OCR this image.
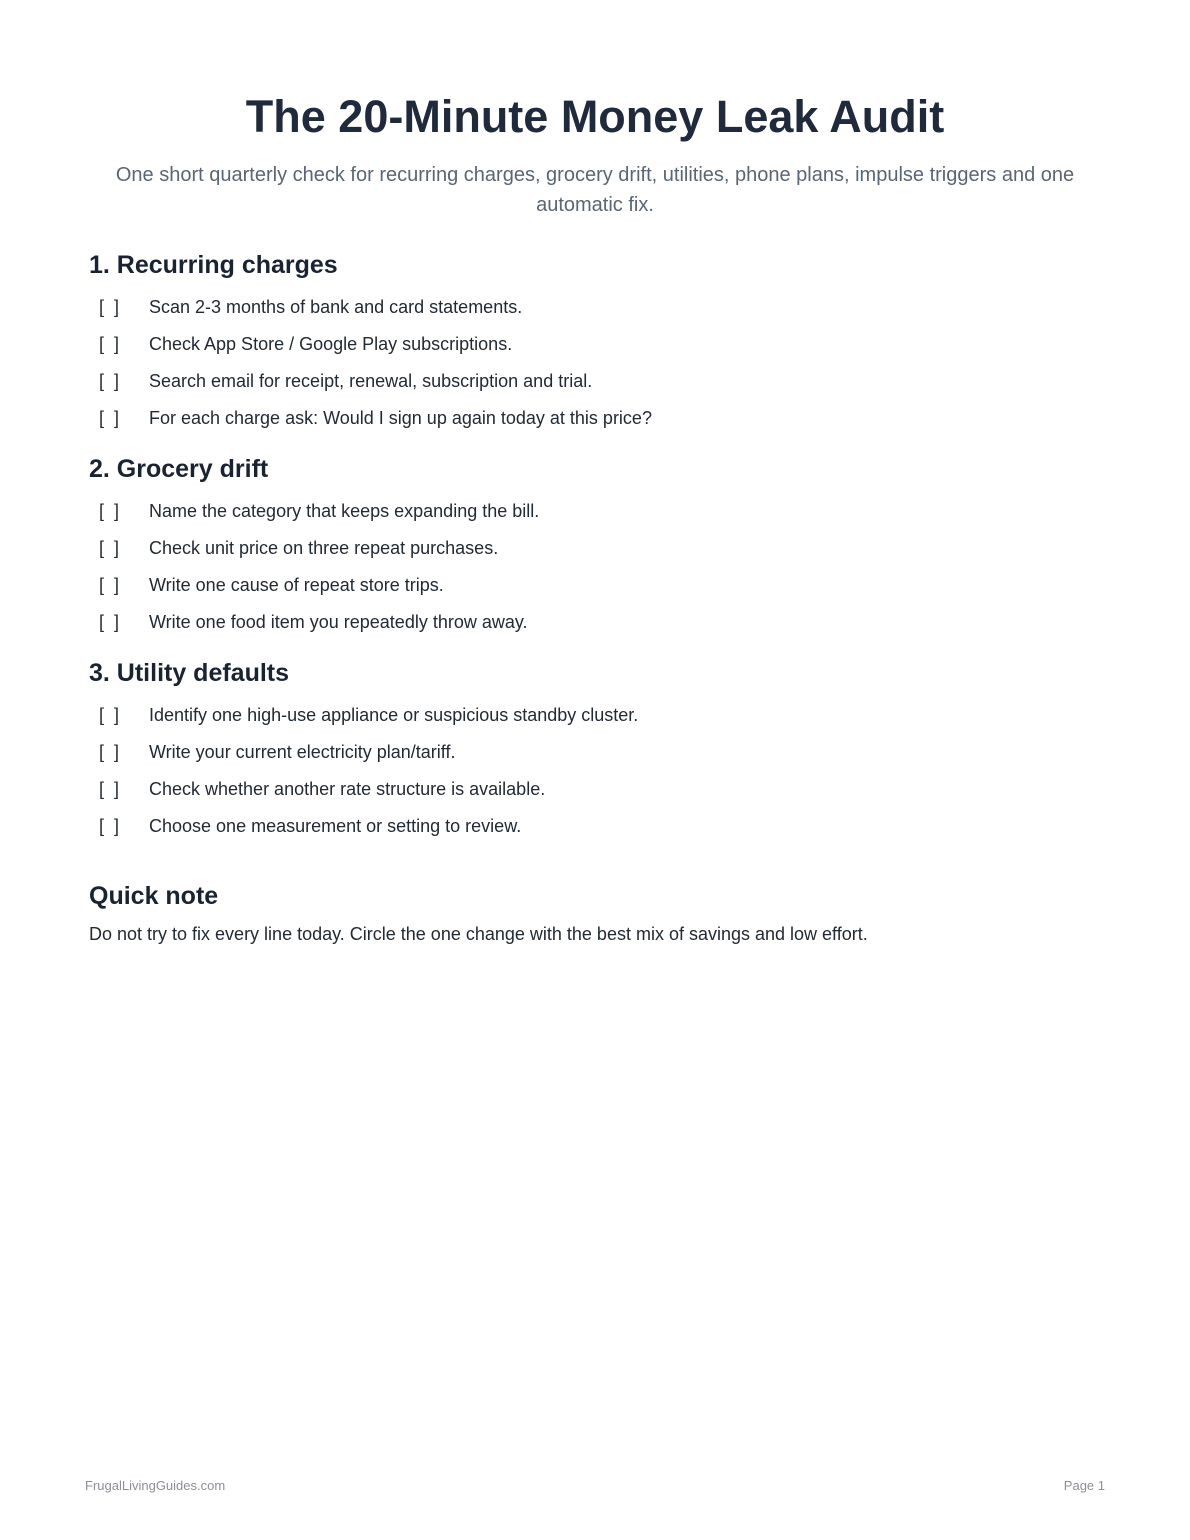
The 20-Minute Money Leak Audit

One short quarterly check for recurring charges, grocery drift, utilities, phone plans, impulse triggers and one automatic fix.

1. Recurring charges
[  ]	Scan 2-3 months of bank and card statements.
[  ]	Check App Store / Google Play subscriptions.
[  ]	Search email for receipt, renewal, subscription and trial.
[  ]	For each charge ask: Would I sign up again today at this price?
2. Grocery drift
[  ]	Name the category that keeps expanding the bill.
[  ]	Check unit price on three repeat purchases.
[  ]	Write one cause of repeat store trips.
[  ]	Write one food item you repeatedly throw away.
3. Utility defaults
[  ]	Identify one high-use appliance or suspicious standby cluster.
[  ]	Write your current electricity plan/tariff.
[  ]	Check whether another rate structure is available.
[  ]	Choose one measurement or setting to review.
Quick note

Do not try to fix every line today. Circle the one change with the best mix of savings and low effort.

FrugalLivingGuides.com	Page 1
